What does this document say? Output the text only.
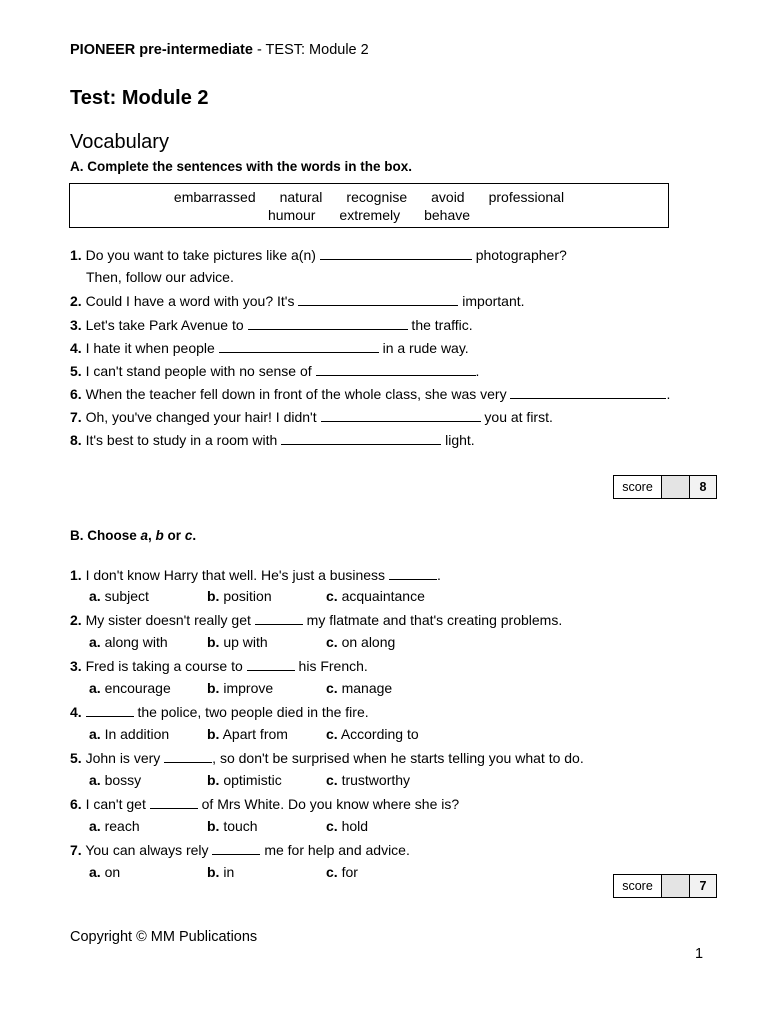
PIONEER pre-intermediate - TEST: Module 2
Test: Module 2
Vocabulary
A. Complete the sentences with the words in the box.
embarrassed natural recognise avoid professional
humour extremely behave
1. Do you want to take pictures like a(n)	photographer?
Then, follow our advice.
2. Could I have a word with you? It's	important.
3. Let's take Park Avenue to	the traffic.
4. I hate it when people	in a rude way.
5. I can't stand people with no sense of	.
6. When the teacher fell down in front of the whole class, she was very	.
7. Oh, you've changed your hair! I didn't	you at first.
8. It's best to study in a room with	light.
score	8
B. Choose a, b or c.
1. I don't know Harry that well. He's just a business	.
a. subject	b. position	c. acquaintance
2. My sister doesn't really get	my flatmate and that's creating problems.
a. along with	b. up with	c. on along
3. Fred is taking a course to	his French.
a. encourage	b. improve	c. manage
4.	the police, two people died in the fire.
a. In addition	b. Apart from	c. According to
5. John is very	, so don't be surprised when he starts telling you what to do.
a. bossy	b. optimistic	c. trustworthy
6. I can't get	of Mrs White. Do you know where she is?
a. reach	b. touch	c. hold
7. You can always rely	me for help and advice.
a. on	b. in	c. for
score	7
Copyright © MM Publications
1
